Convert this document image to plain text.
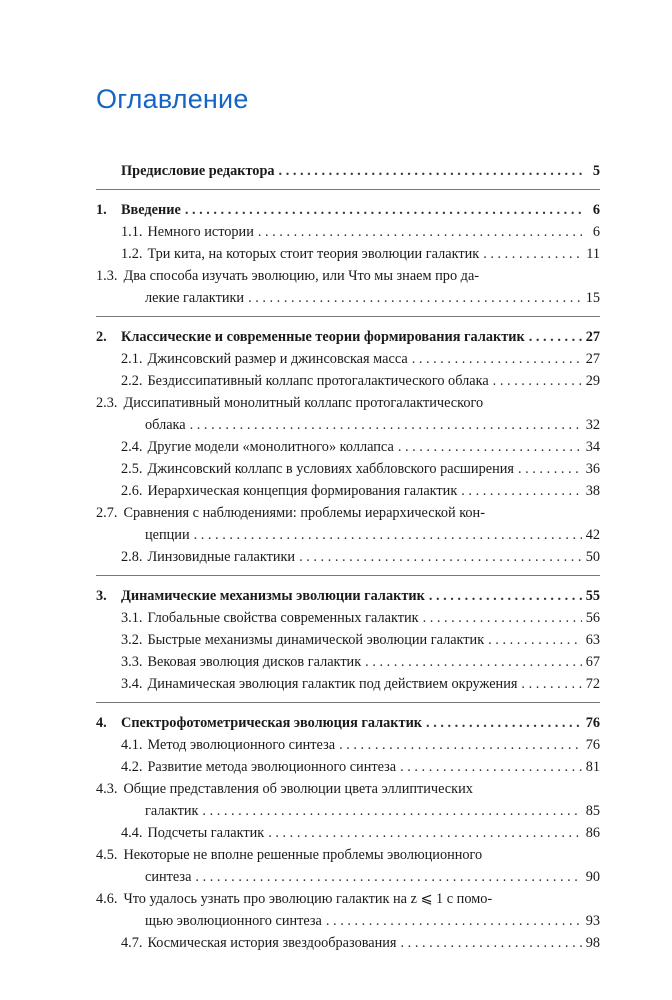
Оглавление
Предисловие редактора . . .	5
1. Введение . . .	6
1.1. Немного истории . . .	6
1.2. Три кита, на которых стоит теория эволюции галактик . . .	11
1.3. Два способа изучать эволюцию, или Что мы знаем про да-
лекие галактики . . .	15
2. Классические и современные теории формирования галактик . . .	27
2.1. Джинсовский размер и джинсовская масса . . .	27
2.2. Бездиссипативный коллапс протогалактического облака . . .	29
2.3. Диссипативный монолитный коллапс протогалактического
облака . . .	32
2.4. Другие модели «монолитного» коллапса . . .	34
2.5. Джинсовский коллапс в условиях хаббловского расширения . . .	36
2.6. Иерархическая концепция формирования галактик . . .	38
2.7. Сравнения с наблюдениями: проблемы иерархической кон-
цепции . . .	42
2.8. Линзовидные галактики . . .	50
3. Динамические механизмы эволюции галактик . . .	55
3.1. Глобальные свойства современных галактик . . .	56
3.2. Быстрые механизмы динамической эволюции галактик . . .	63
3.3. Вековая эволюция дисков галактик . . .	67
3.4. Динамическая эволюция галактик под действием окружения . . .	72
4. Спектрофотометрическая эволюция галактик . . .	76
4.1. Метод эволюционного синтеза . . .	76
4.2. Развитие метода эволюционного синтеза . . .	81
4.3. Общие представления об эволюции цвета эллиптических
галактик . . .	85
4.4. Подсчеты галактик . . .	86
4.5. Некоторые не вполне решенные проблемы эволюционного
синтеза . . .	90
4.6. Что удалось узнать про эволюцию галактик на z ⩽ 1 с помо-
щью эволюционного синтеза . . .	93
4.7. Космическая история звездообразования . . .	98
